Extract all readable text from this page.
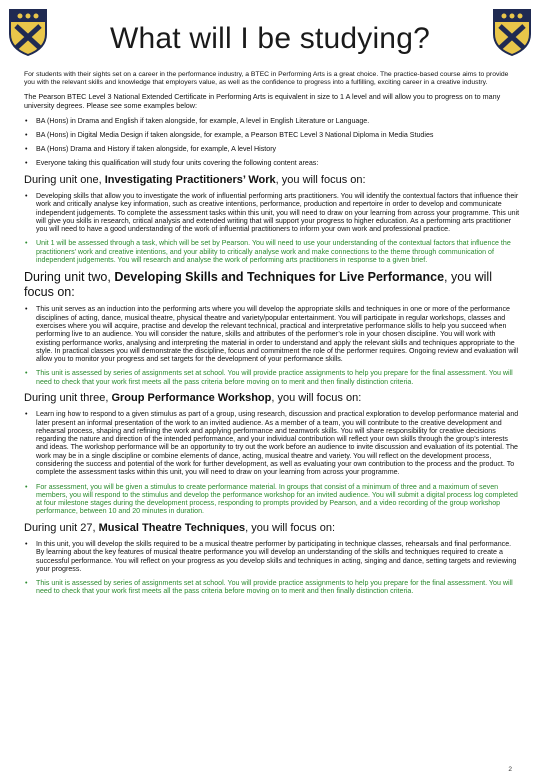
What will I be studying?

For students with their sights set on a career in the performance industry, a BTEC in Performing Arts is a great choice. The practice-based course aims to provide you with the relevant skills and knowledge that employers value, as well as the confidence to progress into a fulfilling, exciting career in a creative industry.

The Pearson BTEC Level 3 National Extended Certificate in Performing Arts is equivalent in size to 1 A level and will allow you to progress on to many university degrees. Please see some examples below:

• BA (Hons) in Drama and English if taken alongside, for example, A level in English Literature or Language.
• BA (Hons) in Digital Media Design if taken alongside, for example, a Pearson BTEC Level 3 National Diploma in Media Studies
• BA (Hons) Drama and History if taken alongside, for example, A level History
• Everyone taking this qualification will study four units covering the following content areas:
During unit one, Investigating Practitioners’ Work, you will focus on:
• Developing skills that allow you to investigate the work of influential performing arts practitioners. You will identify the contextual factors that influence their work and critically analyse key information, such as creative intentions, performance, production and repertoire in order to develop and communicate independent judgements. To complete the assessment tasks within this unit, you will need to draw on your learning from across your programme. This unit will give you skills in research, critical analysis and extended writing that will support your progress to higher education. As a performing arts practitioner you will need to have a good understanding of the work of influential practitioners to inform your own work and professional practice.
• Unit 1 will be assessed through a task, which will be set by Pearson. You will need to use your understanding of the contextual factors that influence the practitioners’ work and creative intentions, and your ability to critically analyse work and make connections to the theme through communication of independent judgements. You will research and analyse the work of performing arts practitioners in response to a given brief.
During unit two, Developing Skills and Techniques for Live Performance, you will focus on:
• This unit serves as an induction into the performing arts where you will develop the appropriate skills and techniques in one or more of the performance disciplines of acting, dance, musical theatre, physical theatre and variety/popular entertainment. You will participate in regular workshops, classes and exercises where you will acquire, practise and develop the relevant technical, practical and interpretative performance skills to help you succeed when performing live to an audience. You will consider the nature, skills and attributes of the performer’s role in your chosen discipline. You will work with existing performance works, analysing and interpreting the material in order to understand and apply the relevant skills and techniques appropriate to the style. In practical classes you will demonstrate the discipline, focus and commitment the role of the performer requires. Ongoing review and evaluation will allow you to monitor your progress and set targets for the development of your performance skills.
• This unit is assessed by series of assignments set at school. You will provide practice assignments to help you prepare for the final assessment. You will need to check that your work first meets all the pass criteria before moving on to merit and then finally distinction criteria.
During unit three, Group Performance Workshop, you will focus on:
• Learn ing how to respond to a given stimulus as part of a group, using research, discussion and practical exploration to develop performance material and later present an informal presentation of the work to an invited audience. As a member of a team, you will contribute to the creative development and rehearsal process, shaping and refining the work and applying performance and teamwork skills. You will share responsibility for creative decisions regarding the nature and direction of the intended performance, and your individual contribution will reflect your own skills through the group’s interests and ideas. The workshop performance will be an opportunity to try out the work before an audience to invite discussion and evaluation of its potential. The work may be in a single discipline or combine elements of dance, acting, musical theatre and variety. You will reflect on the development process, considering the success and potential of the work for further development, as well as evaluating your own contribution to the process and the product. To complete the assessment tasks within this unit, you will need to draw on your learning from across your programme.
• For assessment, you will be given a stimulus to create performance material. In groups that consist of a minimum of three and a maximum of seven members, you will respond to the stimulus and develop the performance workshop for an invited audience. You will submit a digital process log completed at four milestone stages during the development process, responding to prompts provided by Pearson, and a video recording of the group workshop performance, between 10 and 20 minutes in duration.
During unit 27, Musical Theatre Techniques, you will focus on:
• In this unit, you will develop the skills required to be a musical theatre performer by participating in technique classes, rehearsals and final performance. By learning about the key features of musical theatre performance you will develop an understanding of the skills and techniques required to create a successful performance. You will reflect on your progress as you develop skills and techniques in acting, singing and dance, setting targets and reviewing your progress.
• This unit is assessed by series of assignments set at school. You will provide practice assignments to help you prepare for the final assessment. You will need to check that your work first meets all the pass criteria before moving on to merit and then finally distinction criteria.
2
